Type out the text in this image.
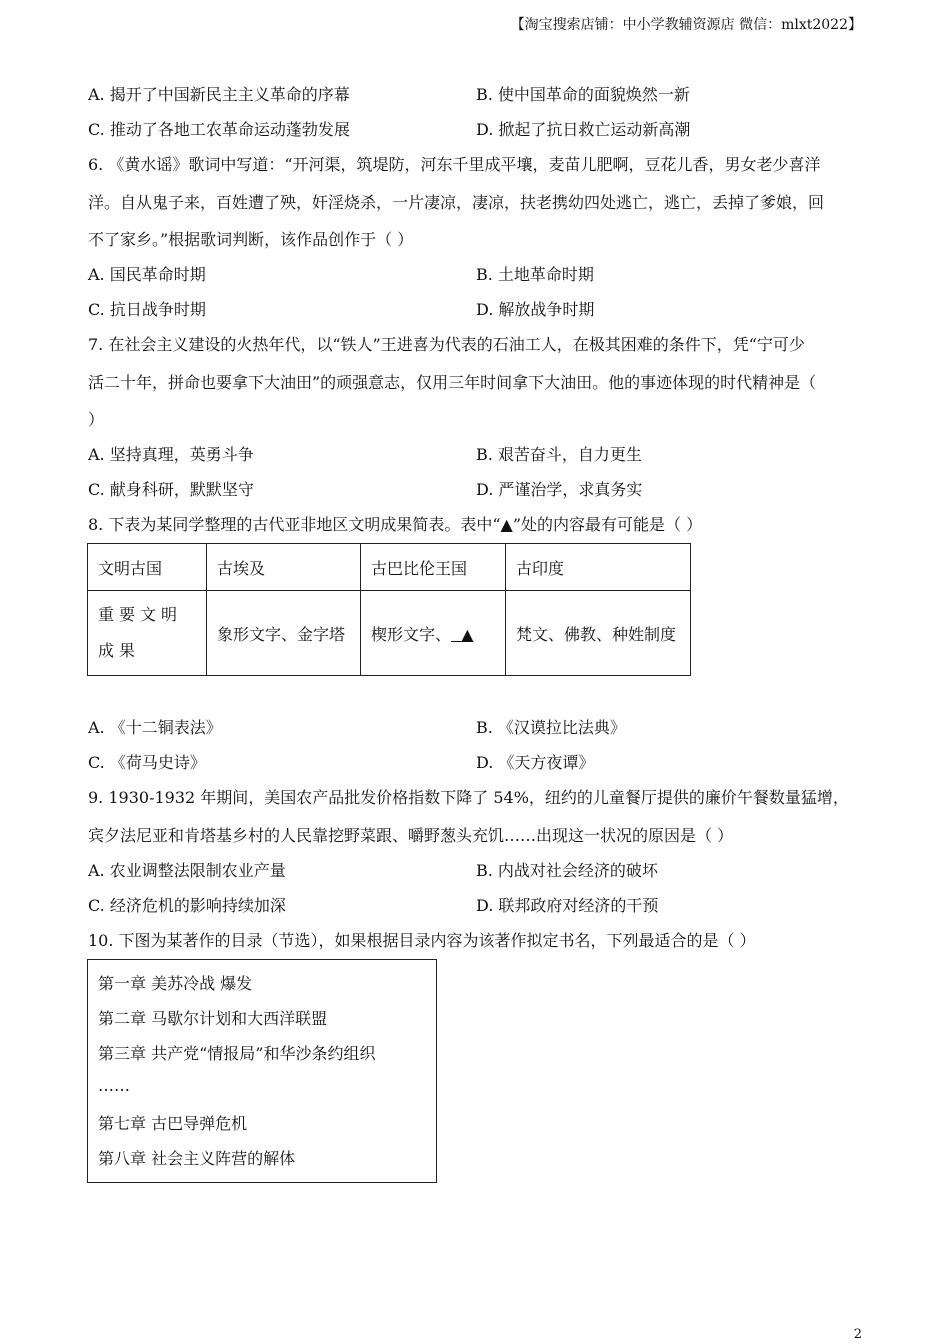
【淘宝搜索店铺：中小学教辅资源店 微信：mlxt2022】
A. 揭开了中国新民主主义革命的序幕	B. 使中国革命的面貌焕然一新
C. 推动了各地工农革命运动蓬勃发展	D. 掀起了抗日救亡运动新高潮
6. 《黄水谣》歌词中写道：“开河渠，筑堤防，河东千里成平壤，麦苗儿肥啊，豆花儿香，男女老少喜洋
洋。自从鬼子来，百姓遭了殃，奸淫烧杀，一片凄凉，凄凉，扶老携幼四处逃亡，逃亡，丢掉了爹娘，回
不了家乡。”根据歌词判断，该作品创作于（ ）
A. 国民革命时期	B. 土地革命时期
C. 抗日战争时期	D. 解放战争时期
7. 在社会主义建设的火热年代，以“铁人”王进喜为代表的石油工人，在极其困难的条件下，凭“宁可少
活二十年，拼命也要拿下大油田”的顽强意志，仅用三年时间拿下大油田。他的事迹体现的时代精神是（
）
A. 坚持真理，英勇斗争	B. 艰苦奋斗，自力更生
C. 献身科研，默默坚守	D. 严谨治学，求真务实
8. 下表为某同学整理的古代亚非地区文明成果简表。表中“▲”处的内容最有可能是（ ）
文明古国	古埃及	古巴比伦王国	古印度
重要文明成果	象形文字、金字塔	楔形文字、 ▲	梵文、佛教、种姓制度
A. 《十二铜表法》	B. 《汉谟拉比法典》
C. 《荷马史诗》	D. 《天方夜谭》
9. 1930-1932 年期间，美国农产品批发价格指数下降了 54%，纽约的儿童餐厅提供的廉价午餐数量猛增，
宾夕法尼亚和肯塔基乡村的人民靠挖野菜跟、嚼野葱头充饥……出现这一状况的原因是（ ）
A. 农业调整法限制农业产量	B. 内战对社会经济的破坏
C. 经济危机的影响持续加深	D. 联邦政府对经济的干预
10. 下图为某著作的目录（节选），如果根据目录内容为该著作拟定书名，下列最适合的是（ ）
第一章 美苏冷战 爆发
第二章 马歇尔计划和大西洋联盟
第三章 共产党“情报局”和华沙条约组织
……
第七章 古巴导弹危机
第八章 社会主义阵营的解体
2
